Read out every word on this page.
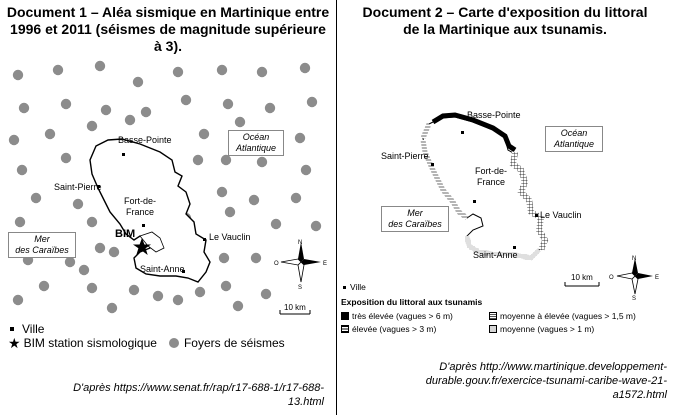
Document 1 – Aléa sismique en Martinique entre 1996 et 2011 (séismes de magnitude supérieure à 3).
Basse-Pointe
Saint-Pierre
Fort-de-
France
BIM	Le Vauclin
Saint-Anne
Océan
Atlantique
Mer
des Caraïbes
N
S
E
O
10 km
Ville
★ BIM station sismologique Foyers de séismes
D'après https://www.senat.fr/rap/r17-688-1/r17-688-
13.html
Document 2 – Carte d'exposition du littoral de la Martinique aux tsunamis.
Basse-Pointe
Saint-Pierre
Fort-de-
France
Le Vauclin
Saint-Anne
Océan
Atlantique
Mer
des Caraïbes
N
S
E
O
10 km
Ville
Exposition du littoral aux tsunamis
très élevée (vagues > 6 m)	moyenne à élevée (vagues > 1,5 m)
élevée (vagues > 3 m)	moyenne (vagues > 1 m)
D'après http://www.martinique.developpement-
durable.gouv.fr/exercice-tsunami-caribe-wave-21-
a1572.html
